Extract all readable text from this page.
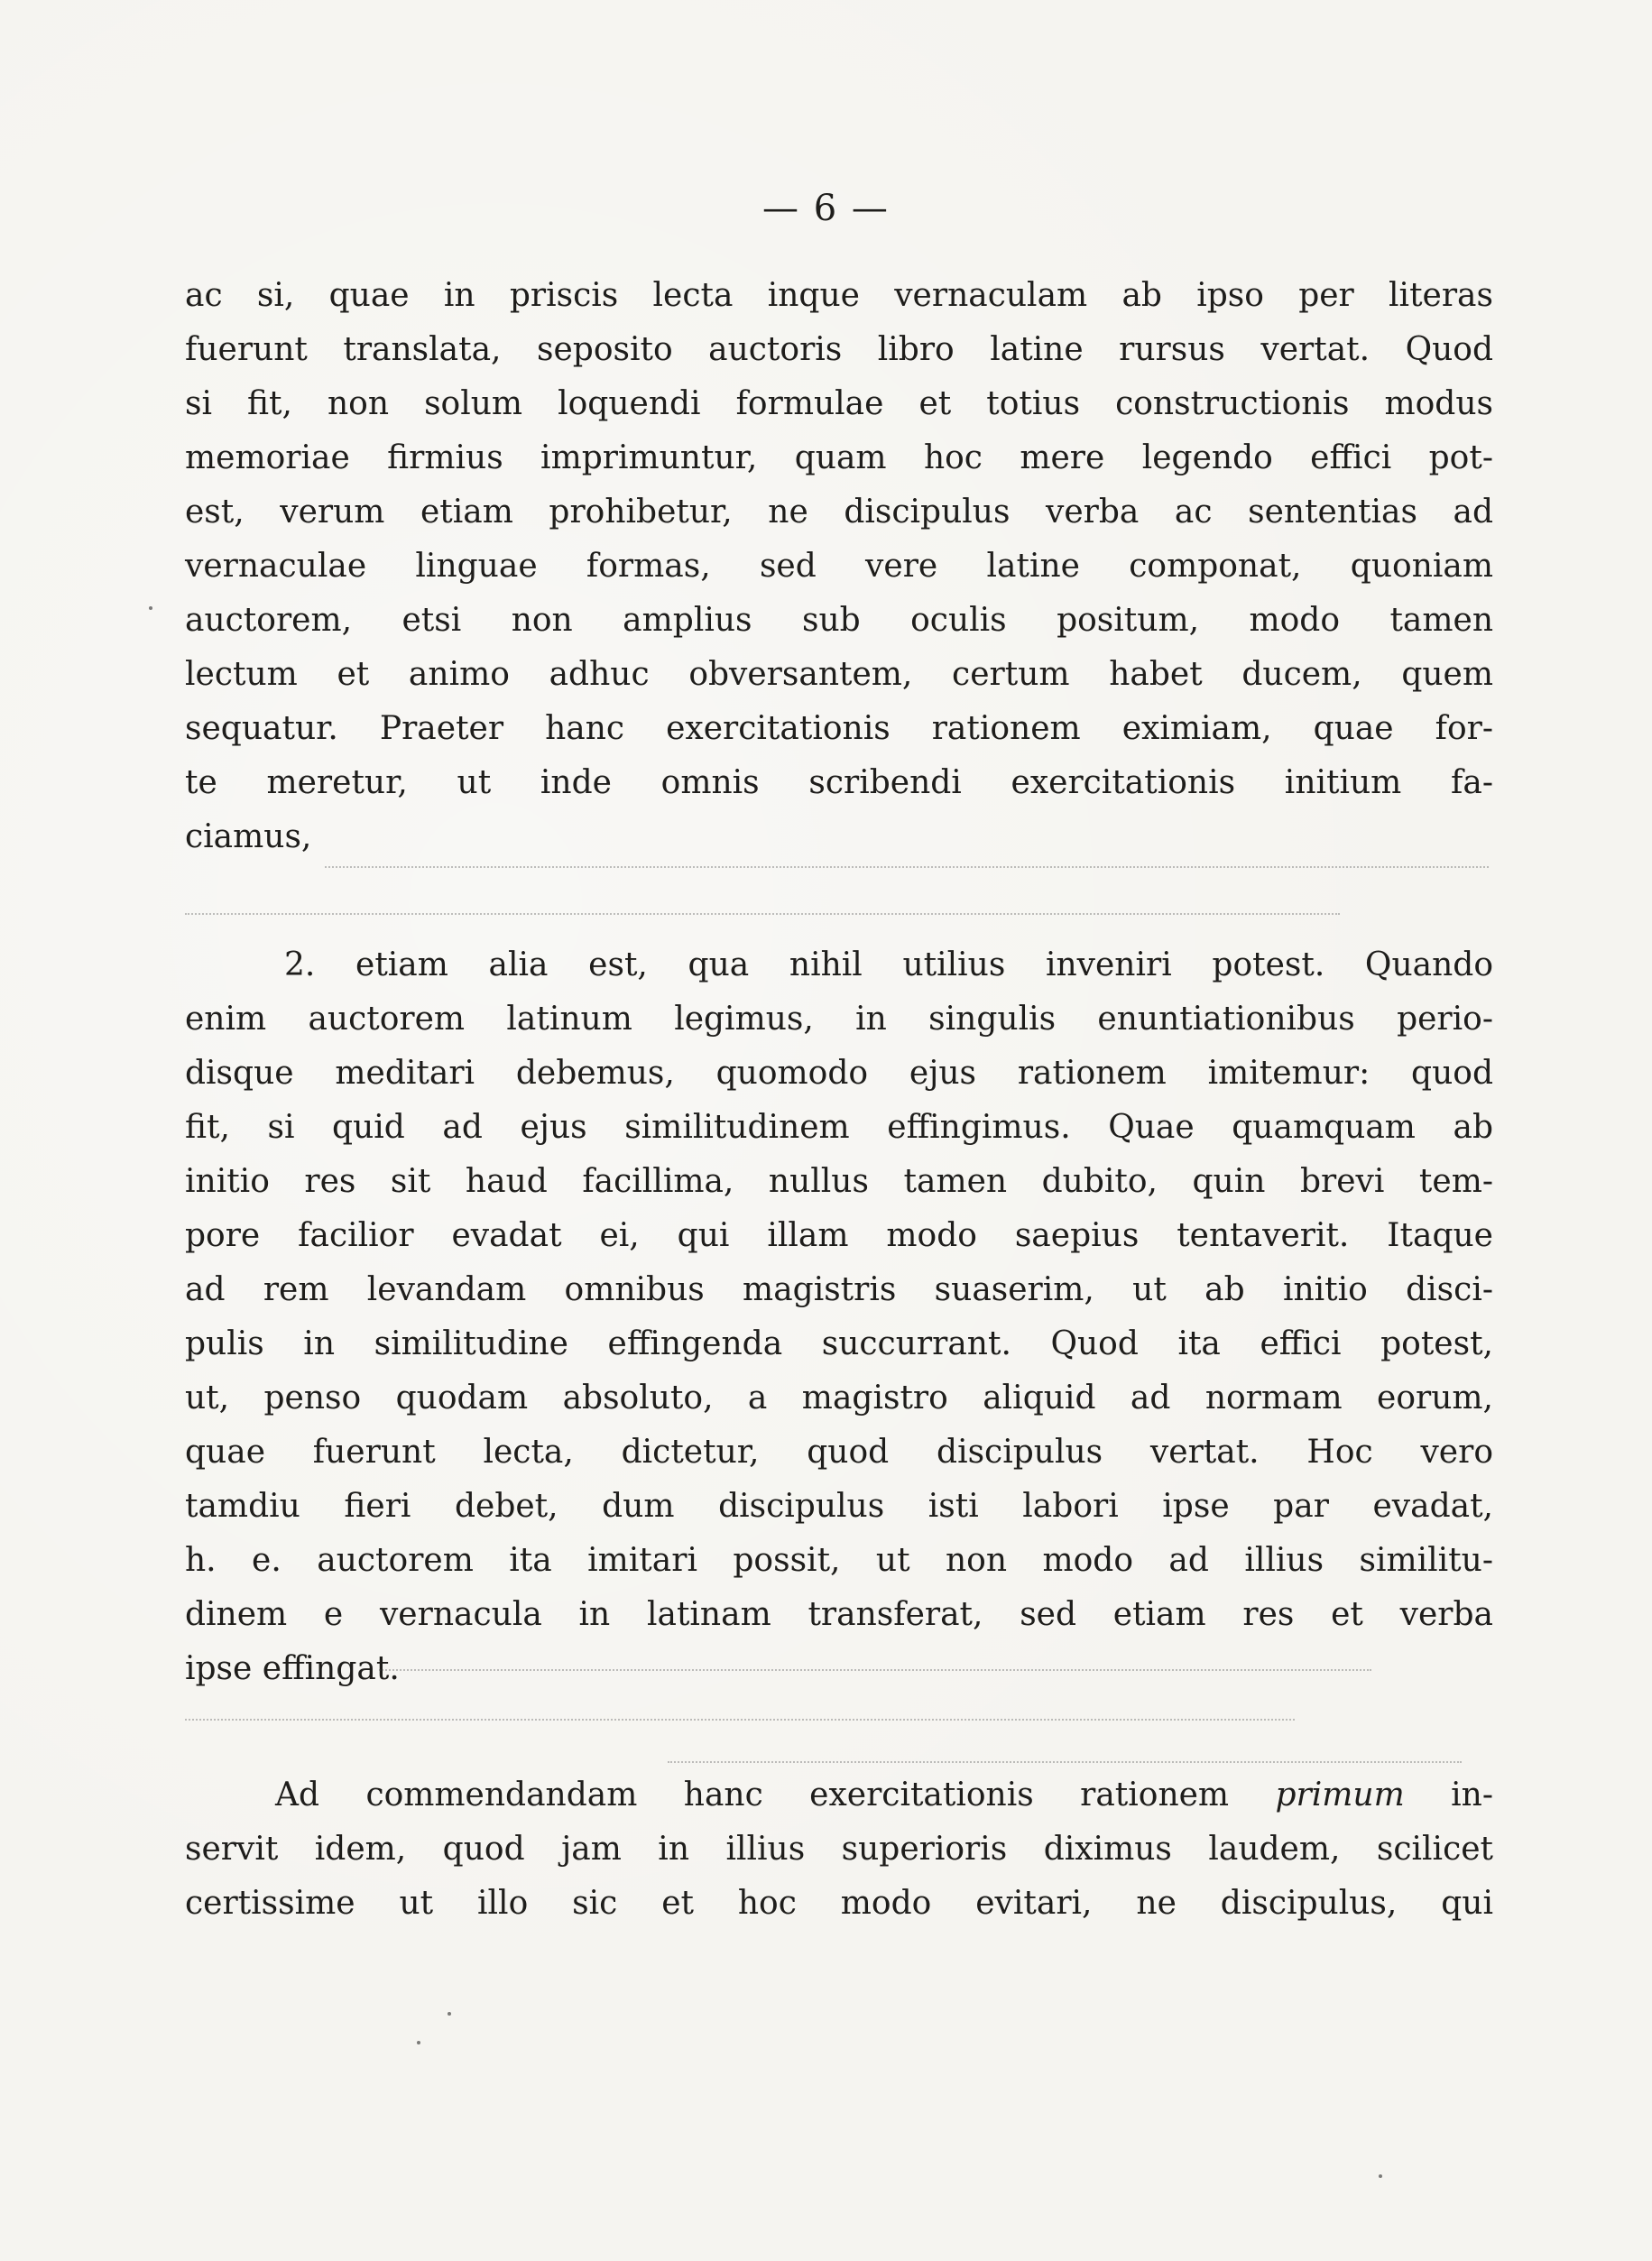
— 6 —
ac si, quae in priscis lecta inque vernaculam ab ipso per literas
fuerunt translata, seposito auctoris libro latine rursus vertat. Quod
si fit, non solum loquendi formulae et totius constructionis modus
memoriae firmius imprimuntur, quam hoc mere legendo effici pot-
est, verum etiam prohibetur, ne discipulus verba ac sententias ad
vernaculae linguae formas, sed vere latine componat, quoniam
auctorem, etsi non amplius sub oculis positum, modo tamen
lectum et animo adhuc obversantem, certum habet ducem, quem
sequatur. Praeter hanc exercitationis rationem eximiam, quae for-
te meretur, ut inde omnis scribendi exercitationis initium fa-
ciamus,
2. etiam alia est, qua nihil utilius inveniri potest. Quando
enim auctorem latinum legimus, in singulis enuntiationibus perio-
disque meditari debemus, quomodo ejus rationem imitemur: quod
fit, si quid ad ejus similitudinem effingimus. Quae quamquam ab
initio res sit haud facillima, nullus tamen dubito, quin brevi tem-
pore facilior evadat ei, qui illam modo saepius tentaverit. Itaque
ad rem levandam omnibus magistris suaserim, ut ab initio disci-
pulis in similitudine effingenda succurrant. Quod ita effici potest,
ut, penso quodam absoluto, a magistro aliquid ad normam eorum,
quae fuerunt lecta, dictetur, quod discipulus vertat. Hoc vero
tamdiu fieri debet, dum discipulus isti labori ipse par evadat,
h. e. auctorem ita imitari possit, ut non modo ad illius similitu-
dinem e vernacula in latinam transferat, sed etiam res et verba
ipse effingat.
Ad commendandam hanc exercitationis rationem primum in-
servit idem, quod jam in illius superioris diximus laudem, scilicet
certissime ut illo sic et hoc modo evitari, ne discipulus, qui
